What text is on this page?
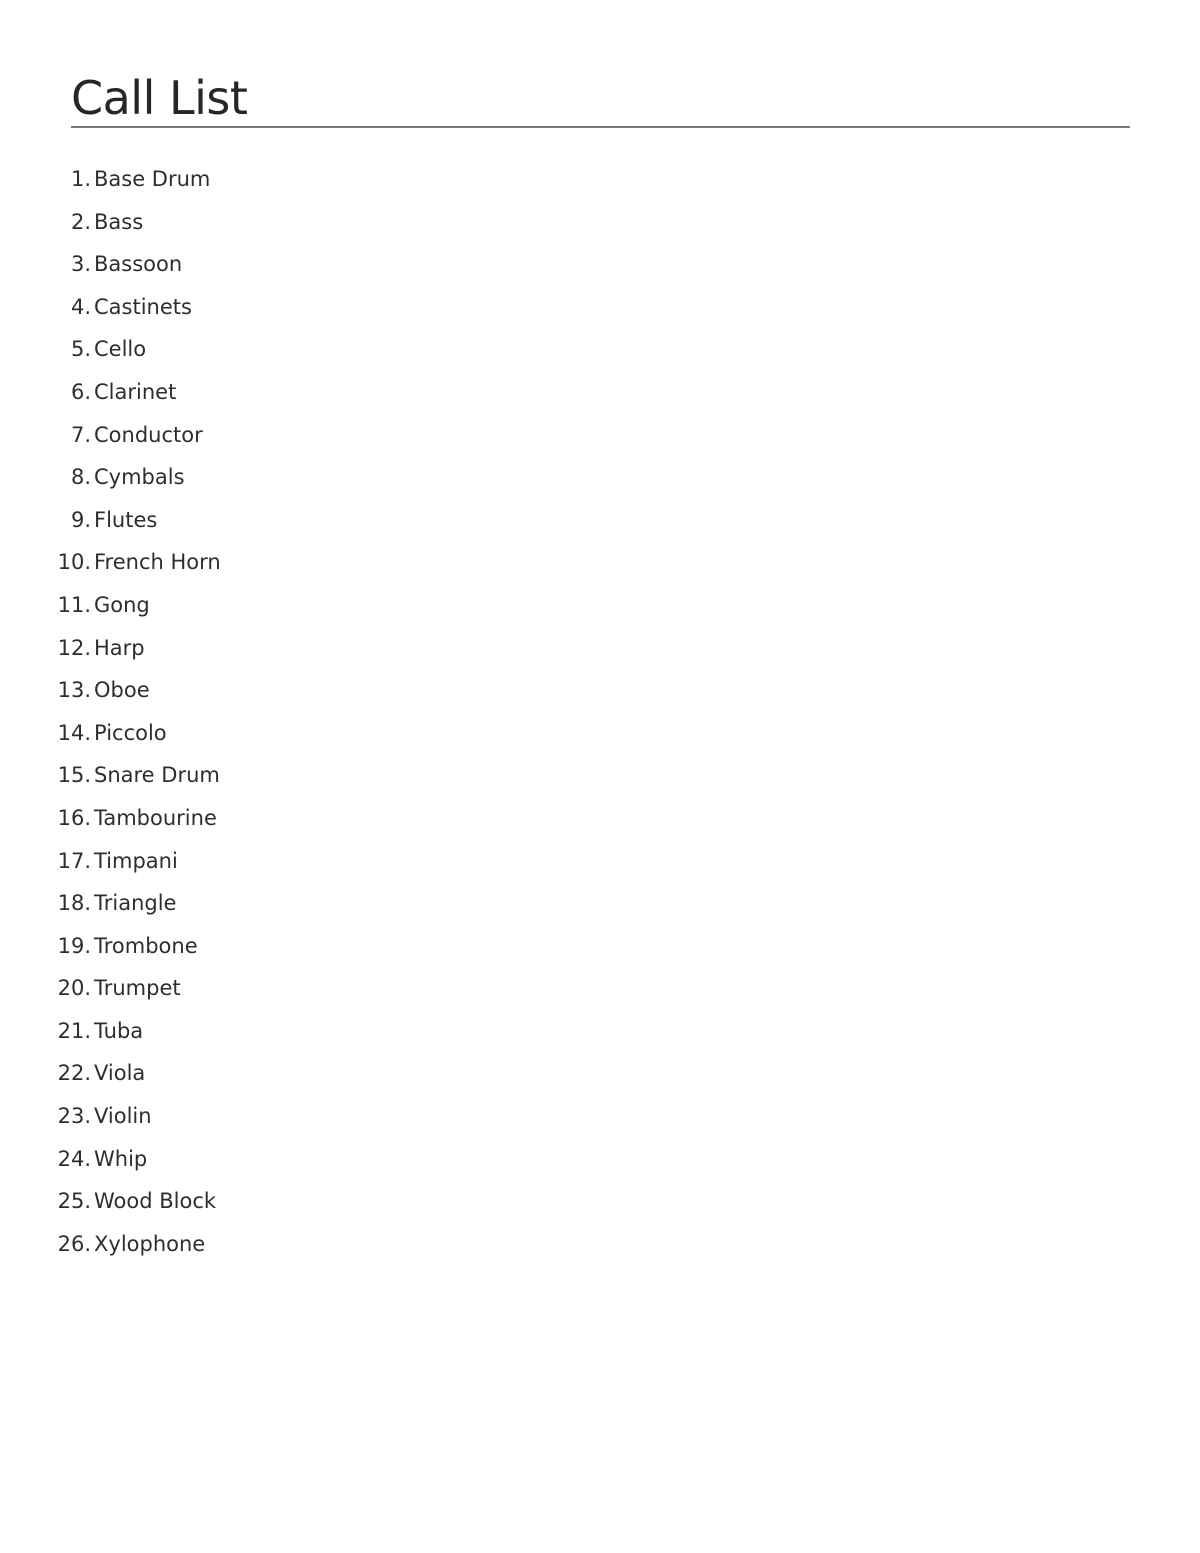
Call List
1. Base Drum
2. Bass
3. Bassoon
4. Castinets
5. Cello
6. Clarinet
7. Conductor
8. Cymbals
9. Flutes
10. French Horn
11. Gong
12. Harp
13. Oboe
14. Piccolo
15. Snare Drum
16. Tambourine
17. Timpani
18. Triangle
19. Trombone
20. Trumpet
21. Tuba
22. Viola
23. Violin
24. Whip
25. Wood Block
26. Xylophone
